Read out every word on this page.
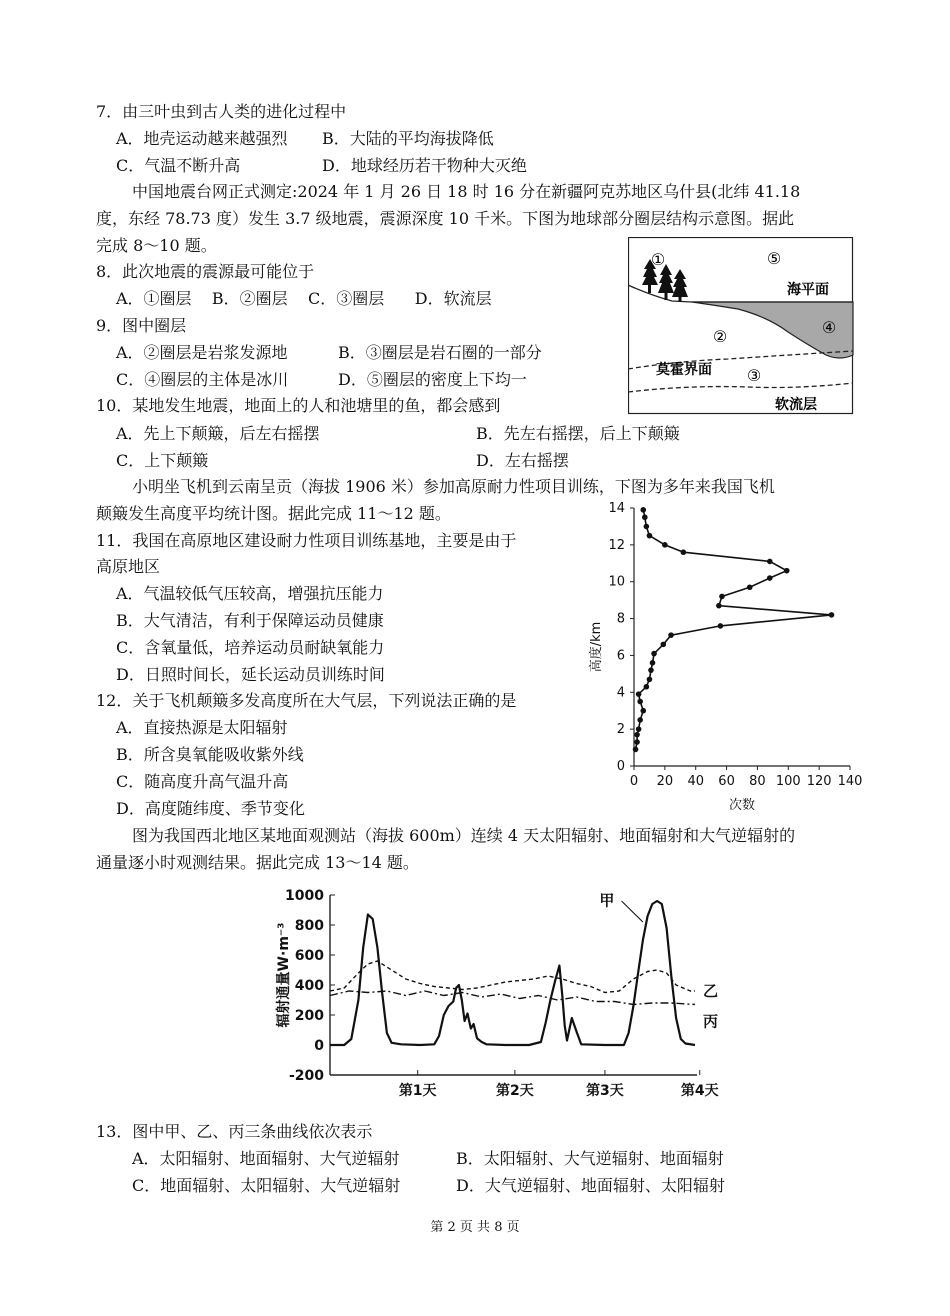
7．由三叶虫到古人类的进化过程中
A．地壳运动越来越强烈 B．大陆的平均海拔降低
C．气温不断升高	D．地球经历若干物种大灭绝
中国地震台网正式测定:2024 年 1 月 26 日 18 时 16 分在新疆阿克苏地区乌什县(北纬 41.18
度，东经 78.73 度）发生 3.7 级地震，震源深度 10 千米。下图为地球部分圈层结构示意图。据此
完成 8～10 题。
8．此次地震的震源最可能位于
A．①圈层    B．②圈层    C．③圈层      D．软流层
9．图中圈层
A．②圈层是岩浆发源地	B．③圈层是岩石圈的一部分
C．④圈层的主体是冰川	D．⑤圈层的密度上下均一
10．某地发生地震，地面上的人和池塘里的鱼，都会感到
A．先上下颠簸，后左右摇摆	B．先左右摇摆，后上下颠簸
C．上下颠簸	D．左右摇摆
小明坐飞机到云南呈贡（海拔 1906 米）参加高原耐力性项目训练，下图为多年来我国飞机
颠簸发生高度平均统计图。据此完成 11～12 题。
11．我国在高原地区建设耐力性项目训练基地，主要是由于
高原地区
A．气温较低气压较高，增强抗压能力
B．大气清洁，有利于保障运动员健康
C．含氧量低，培养运动员耐缺氧能力
D．日照时间长，延长运动员训练时间
12．关于飞机颠簸多发高度所在大气层，下列说法正确的是
A．直接热源是太阳辐射
B．所含臭氧能吸收紫外线
C．随高度升高气温升高
D．高度随纬度、季节变化
图为我国西北地区某地面观测站（海拔 600m）连续 4 天太阳辐射、地面辐射和大气逆辐射的
通量逐小时观测结果。据此完成 13～14 题。
13．图中甲、乙、丙三条曲线依次表示
A．太阳辐射、地面辐射、大气逆辐射	B．太阳辐射、大气逆辐射、地面辐射
C．地面辐射、太阳辐射、大气逆辐射	D．大气逆辐射、地面辐射、太阳辐射
①	⑤
海平面
②	④
莫霍界面 ③
软流层
0 20 40 60 80 100 120 140
0
2
4
6
8
10
12
14
次数
高度/km
1000
800
600
400
200
0
-200
第1天	第2天	第3天	第4天
辐射通量W·m⁻³
甲
乙
丙
第 2 页 共 8 页
